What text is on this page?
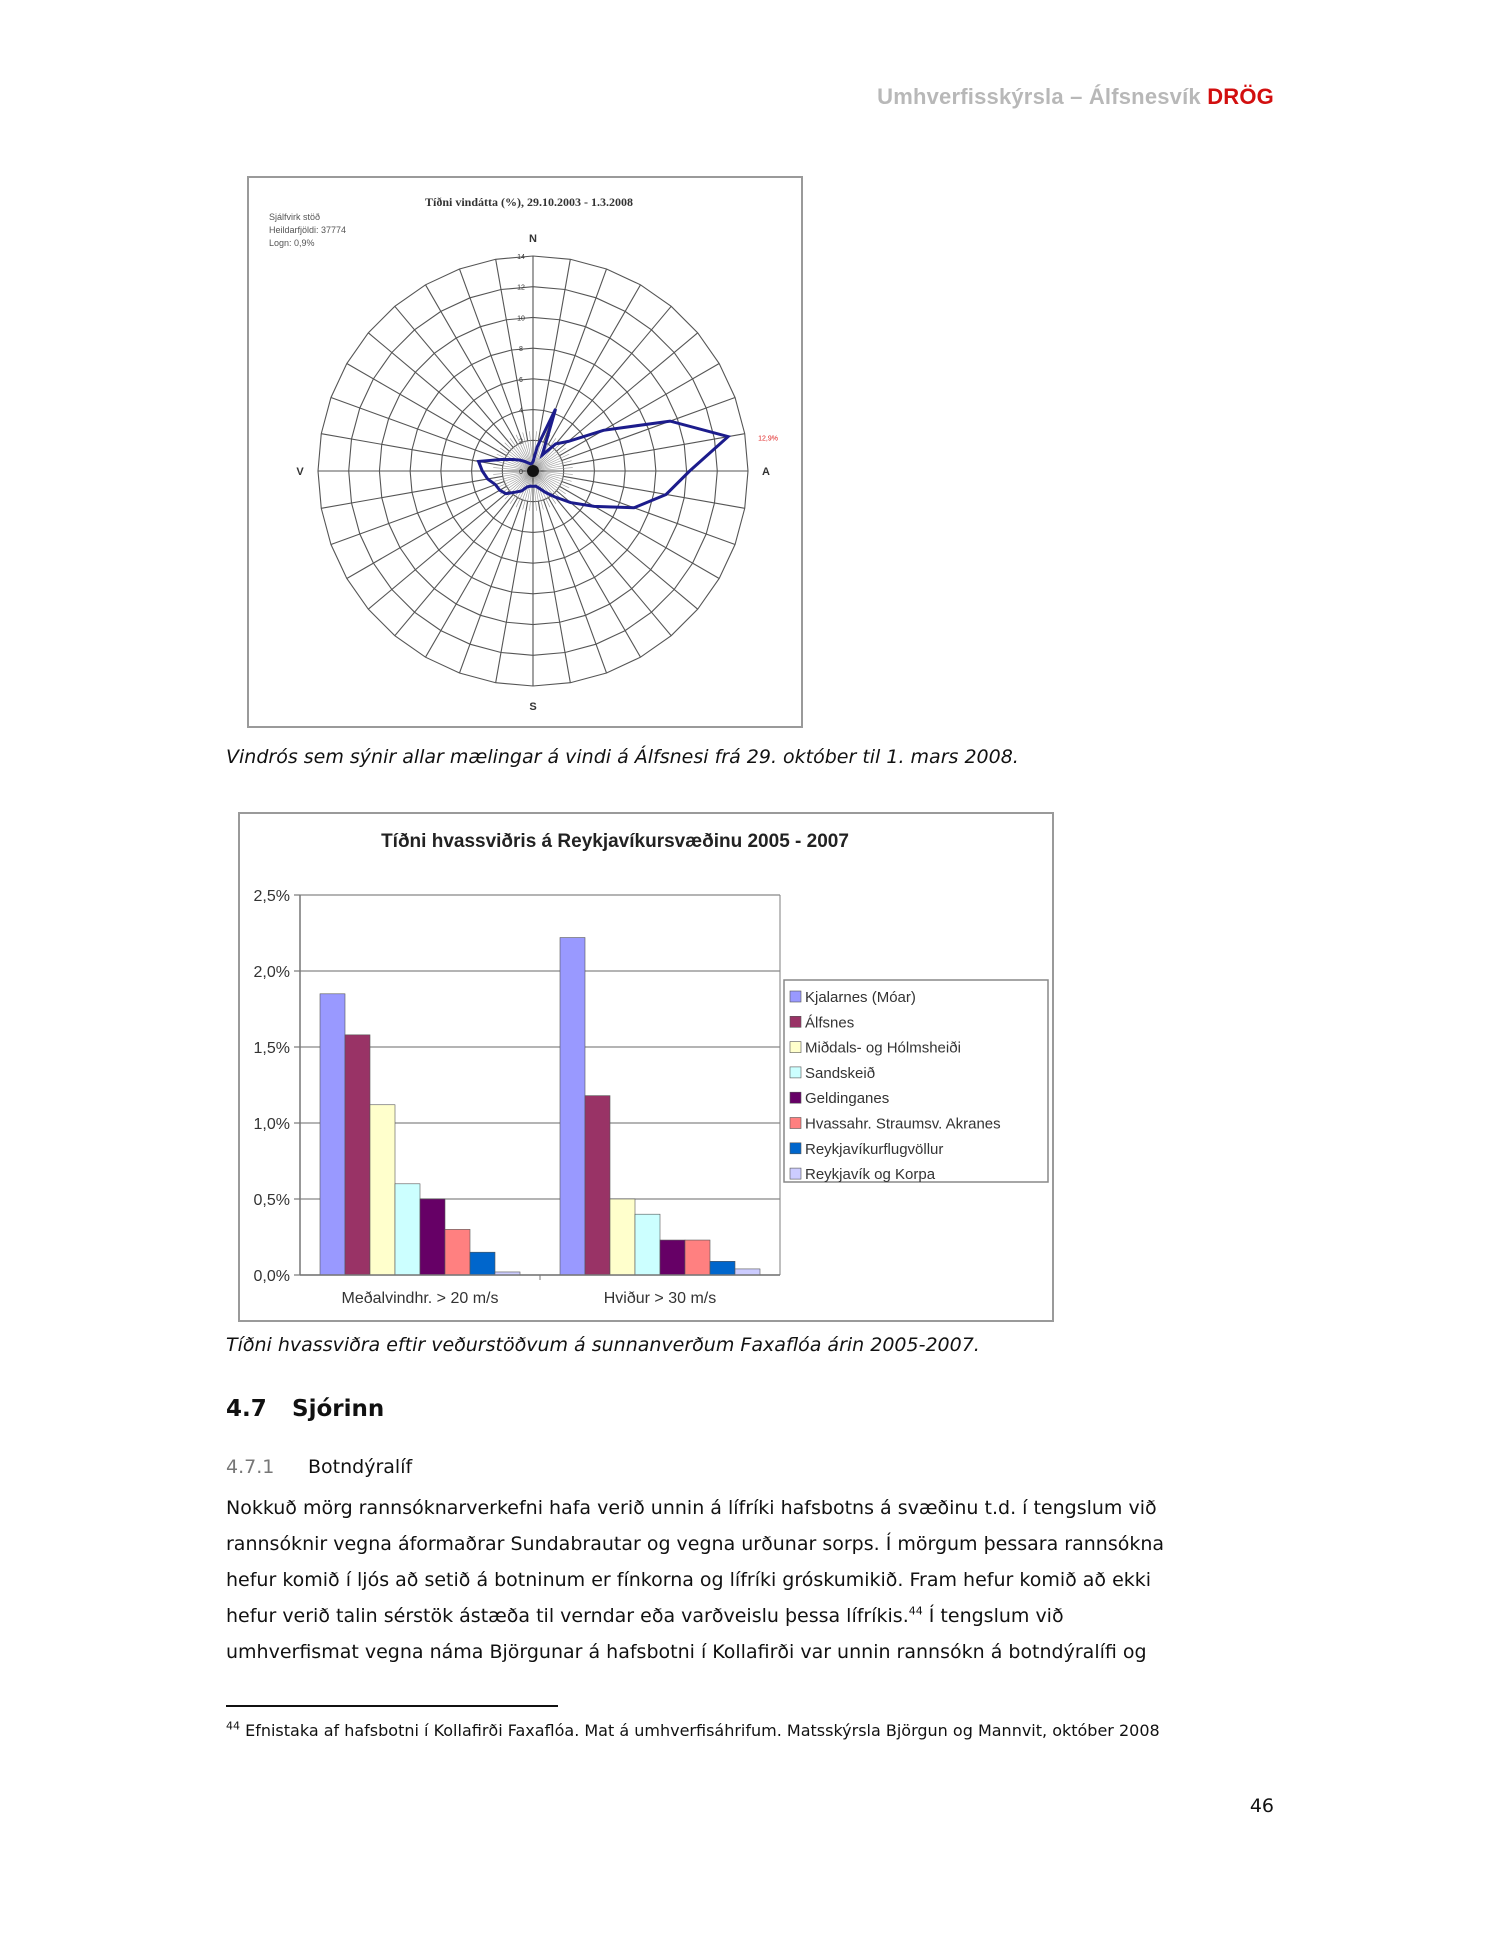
Umhverfisskýrsla – Álfsnesvík DRÖG
0
2
4
6
8
10
12
14
N
A
S
V
12,9%
Tíðni vindátta (%), 29.10.2003 - 1.3.2008
Sjálfvirk stöð
Heildarfjöldi: 37774
Logn: 0,9%
Vindrós sem sýnir allar mælingar á vindi á Álfsnesi frá 29. október til 1. mars 2008.
Tíðni hvassviðris á Reykjavíkursvæðinu 2005 - 2007
0,0%
0,5%
1,0%
1,5%
2,0%
2,5%
Meðalvindhr. > 20 m/s	Hviður > 30 m/s
Kjalarnes (Móar)
Álfsnes
Miðdals- og Hólmsheiði
Sandskeið
Geldinganes
Hvassahr. Straumsv. Akranes
Reykjavíkurflugvöllur
Reykjavík og Korpa
Tíðni hvassviðra eftir veðurstöðvum á sunnanverðum Faxaflóa árin 2005-2007.
4.7 Sjórinn
4.7.1 Botndýralíf
Nokkuð mörg rannsóknarverkefni hafa verið unnin á lífríki hafsbotns á svæðinu t.d. í tengslum við
rannsóknir vegna áformaðrar Sundabrautar og vegna urðunar sorps. Í mörgum þessara rannsókna
hefur komið í ljós að setið á botninum er fínkorna og lífríki gróskumikið. Fram hefur komið að ekki
hefur verið talin sérstök ástæða til verndar eða varðveislu þessa lífríkis.$^{44}$ Í tengslum við
umhverfismat vegna náma Björgunar á hafsbotni í Kollafirði var unnin rannsókn á botndýralífi og
$^{44}$ Efnistaka af hafsbotni í Kollafirði Faxaflóa. Mat á umhverfisáhrifum. Matsskýrsla Björgun og Mannvit, október 2008
46
